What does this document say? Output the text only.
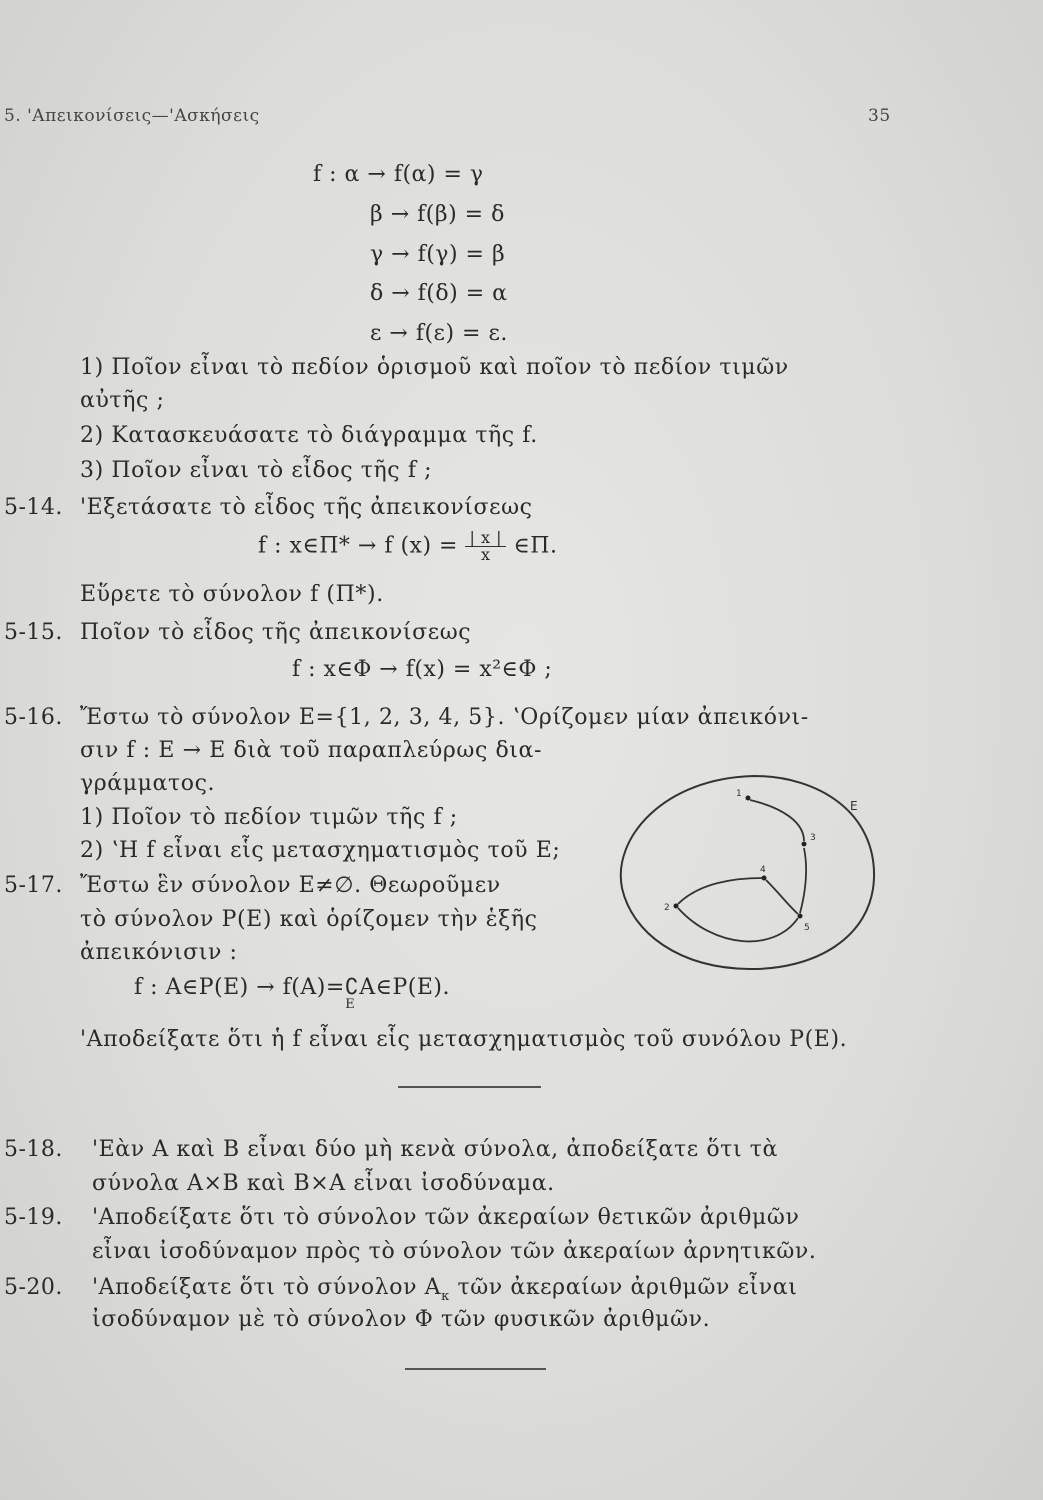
5. 'Απεικονίσεις—'Ασκήσεις	35
f : α → f(α) = γ
β → f(β) = δ
γ → f(γ) = β
δ → f(δ) = α
ε → f(ε) = ε.
1) Ποῖον εἶναι τὸ πεδίον ὁρισμοῦ καὶ ποῖον τὸ πεδίον τιμῶν
αὐτῆς ;
2) Κατασκευάσατε τὸ διάγραμμα τῆς f.
3) Ποῖον εἶναι τὸ εἶδος τῆς f ;
5-14. 'Εξετάσατε τὸ εἶδος τῆς ἀπεικονίσεως
f : x∈Π* → f $(x) = \frac{| x |}{x}$ ∈Π.
Εὕρετε τὸ σύνολον f (Π*).
5-15. Ποῖον τὸ εἶδος τῆς ἀπεικονίσεως
f : x∈Φ → f(x) = x²∈Φ ;
5-16. Ἔστω τὸ σύνολον Ε={1, 2, 3, 4, 5}. ʽΟρίζομεν μίαν ἀπεικόνι-
σιν f : Ε → Ε διὰ τοῦ παραπλεύρως δια-
γράμματος.
1) Ποῖον τὸ πεδίον τιμῶν τῆς f ;
2) ʽΗ f εἶναι εἷς μετασχηματισμὸς τοῦ Ε;
5-17. Ἔστω ἓν σύνολον Ε≠∅. Θεωροῦμεν
τὸ σύνολον P(E) καὶ ὁρίζομεν τὴν ἑξῆς
ἀπεικόνισιν :
f : A∈P(E) → $f(A)=∁_EA\in P(E)$.
'Αποδείξατε ὅτι ἡ f εἶναι εἷς μετασχηματισμὸς τοῦ συνόλου P(E).
E
1
2
3
4
5
5-18. 'Εὰν Α καὶ Β εἶναι δύο μὴ κενὰ σύνολα, ἀποδείξατε ὅτι τὰ
σύνολα Α×Β καὶ Β×Α εἶναι ἰσοδύναμα.
5-19. 'Αποδείξατε ὅτι τὸ σύνολον τῶν ἀκεραίων θετικῶν ἀριθμῶν
εἶναι ἰσοδύναμον πρὸς τὸ σύνολον τῶν ἀκεραίων ἀρνητικῶν.
5-20. 'Αποδείξατε ὅτι τὸ σύνολον $A_\kappa$ τῶν ἀκεραίων ἀριθμῶν εἶναι
ἰσοδύναμον μὲ τὸ σύνολον Φ τῶν φυσικῶν ἀριθμῶν.
